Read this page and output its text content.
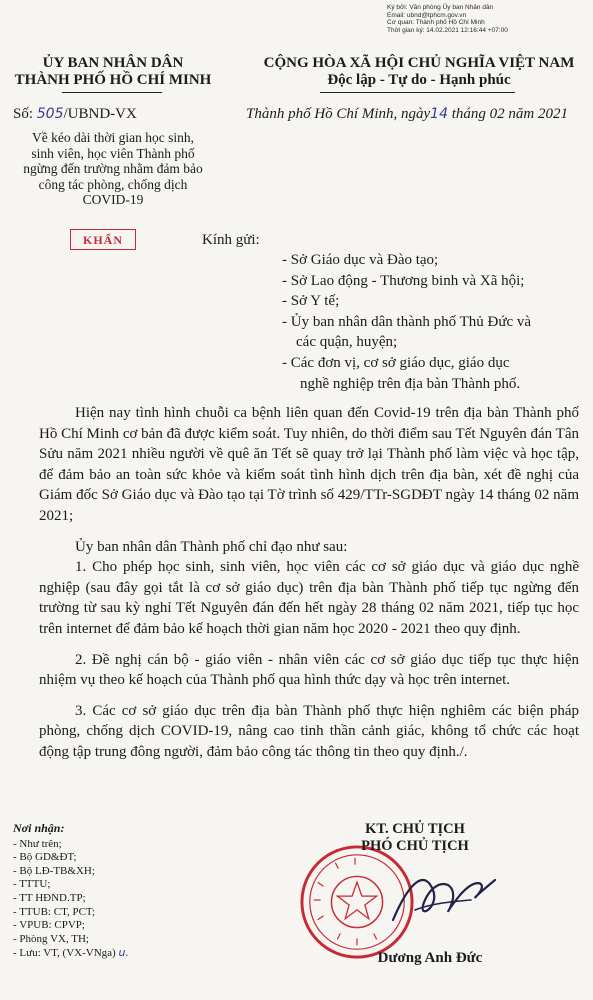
Ký bởi: Văn phòng Ủy ban Nhân dân
Email: ubnd@tphcm.gov.vn
Cơ quan: Thành phố Hồ Chí Minh
Thời gian ký: 14.02.2021 12:16:44 +07:00
ỦY BAN NHÂN DÂN
THÀNH PHỐ HỒ CHÍ MINH
CỘNG HÒA XÃ HỘI CHỦ NGHĨA VIỆT NAM
Độc lập - Tự do - Hạnh phúc
Số: 505/UBND-VX	Thành phố Hồ Chí Minh, ngày14 tháng 02 năm 2021
Về kéo dài thời gian học sinh,
sinh viên, học viên Thành phố
ngừng đến trường nhằm đảm bảo
công tác phòng, chống dịch
COVID-19
KHẨN	Kính gửi:
- Sở Giáo dục và Đào tạo;
- Sở Lao động - Thương binh và Xã hội;
- Sở Y tế;
- Ủy ban nhân dân thành phố Thủ Đức và
các quận, huyện;
- Các đơn vị, cơ sở giáo dục, giáo dục
nghề nghiệp trên địa bàn Thành phố.

Hiện nay tình hình chuỗi ca bệnh liên quan đến Covid-19 trên địa bàn Thành phố Hồ Chí Minh cơ bản đã được kiểm soát. Tuy nhiên, do thời điểm sau Tết Nguyên đán Tân Sửu năm 2021 nhiều người về quê ăn Tết sẽ quay trở lại Thành phố làm việc và học tập, để đảm bảo an toàn sức khỏe và kiểm soát tình hình dịch trên địa bàn, xét đề nghị của Giám đốc Sở Giáo dục và Đào tạo tại Tờ trình số 429/TTr-SGDĐT ngày 14 tháng 02 năm 2021;

Ủy ban nhân dân Thành phố chỉ đạo như sau:

1. Cho phép học sinh, sinh viên, học viên các cơ sở giáo dục và giáo dục nghề nghiệp (sau đây gọi tắt là cơ sở giáo dục) trên địa bàn Thành phố tiếp tục ngừng đến trường từ sau kỳ nghỉ Tết Nguyên đán đến hết ngày 28 tháng 02 năm 2021, tiếp tục học trên internet để đảm bảo kế hoạch thời gian năm học 2020 - 2021 theo quy định.

2. Đề nghị cán bộ - giáo viên - nhân viên các cơ sở giáo dục tiếp tục thực hiện nhiệm vụ theo kế hoạch của Thành phố qua hình thức dạy và học trên internet.

3. Các cơ sở giáo dục trên địa bàn Thành phố thực hiện nghiêm các biện pháp phòng, chống dịch COVID-19, nâng cao tinh thần cảnh giác, không tổ chức các hoạt động tập trung đông người, đảm bảo công tác thông tin theo quy định./.

Nơi nhận:
- Như trên;
- Bộ GD&ĐT;
- Bộ LĐ-TB&XH;
- TTTU;
- TT HĐND.TP;
- TTUB: CT, PCT;
- VPUB: CPVP;
- Phòng VX, TH;
- Lưu: VT, (VX-VNga) u.
KT. CHỦ TỊCH
PHÓ CHỦ TỊCH
Dương Anh Đức
